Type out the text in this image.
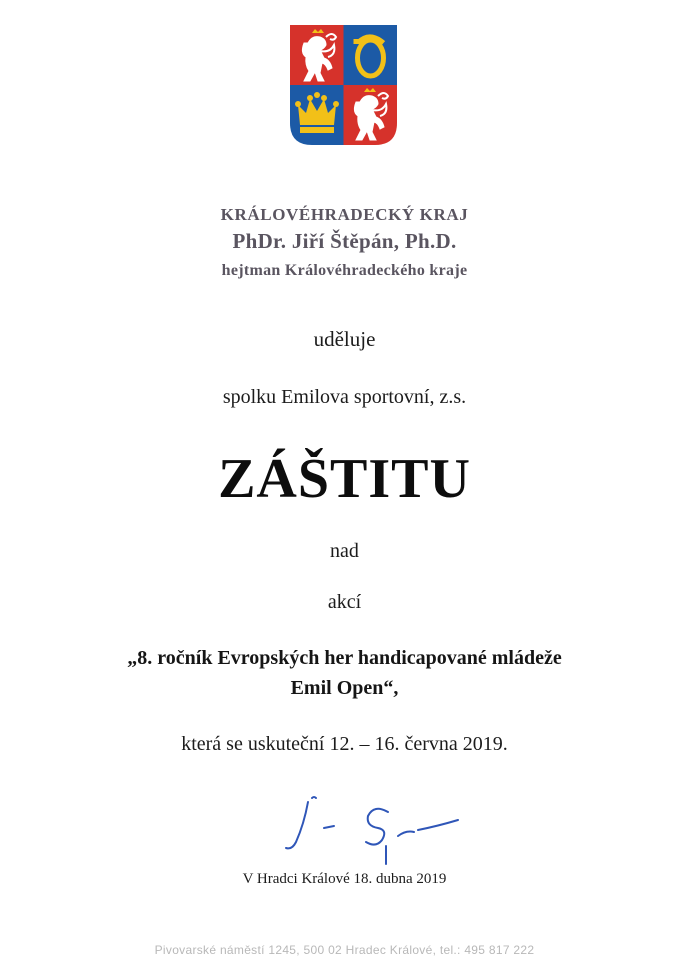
KRÁLOVÉHRADECKÝ KRAJ
PhDr. Jiří Štěpán, Ph.D.
hejtman Královéhradeckého kraje
uděluje
spolku Emilova sportovní, z.s.
ZÁŠTITU
nad
akcí
„8. ročník Evropských her handicapované mládeže
Emil Open“,
která se uskuteční 12. – 16. června 2019.
V Hradci Králové 18. dubna 2019
Pivovarské náměstí 1245, 500 02 Hradec Králové, tel.: 495 817 222
